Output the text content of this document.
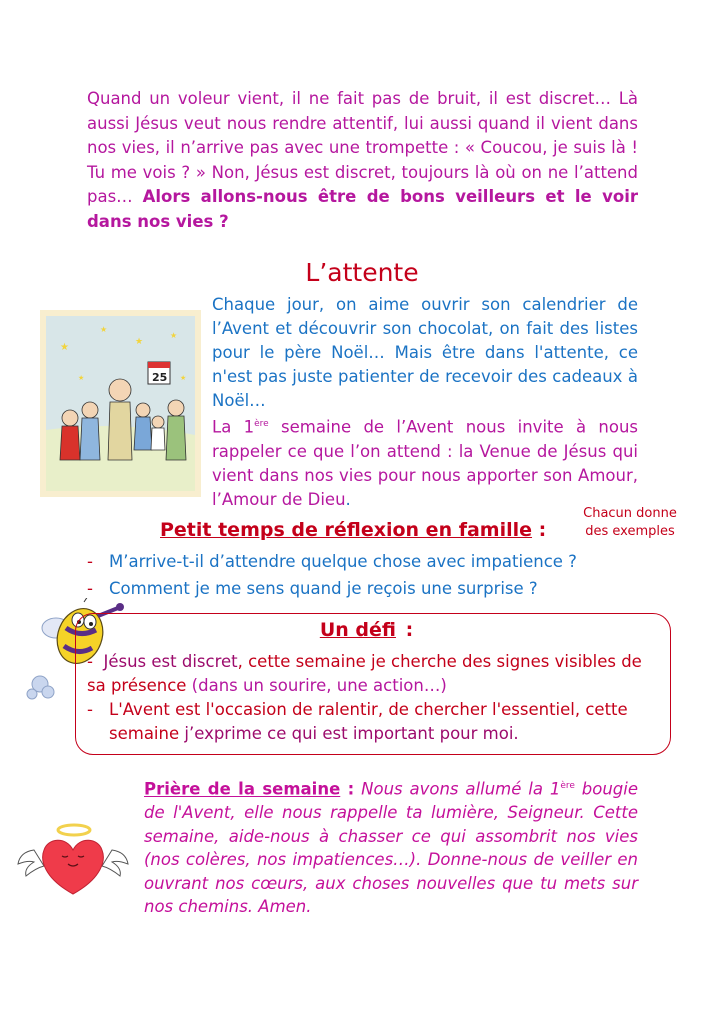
Quand un voleur vient, il ne fait pas de bruit, il est discret… Là aussi Jésus veut nous rendre attentif, lui aussi quand il vient dans nos vies, il n’arrive pas avec une trompette : « Coucou, je suis là ! Tu me vois ? » Non, Jésus est discret, toujours là où on ne l’attend pas… Alors allons-nous être de bons veilleurs et le voir dans nos vies ?
L’attente
★
★
★
★
★	★
25
Chaque jour, on aime ouvrir son calendrier de l’Avent et découvrir son chocolat, on fait des listes pour le père Noël… Mais être dans l'attente, ce n'est pas juste patienter de recevoir des cadeaux à Noël…
La 1ère semaine de l’Avent nous invite à nous rappeler ce que l’on attend : la Venue de Jésus qui vient dans nos vies pour nous apporter son Amour, l’Amour de Dieu.
Chacun donne
des exemples
Petit temps de réflexion en famille :
- M’arrive-t-il d’attendre quelque chose avec impatience ?
- Comment je me sens quand je reçois une surprise ?
Un défi :
- Jésus est discret, cette semaine je cherche des signes visibles de sa présence (dans un sourire, une action…)
- L'Avent est l'occasion de ralentir, de chercher l'essentiel, cette semaine j’exprime ce qui est important pour moi.
Prière de la semaine : Nous avons allumé la 1ère bougie de l'Avent, elle nous rappelle ta lumière, Seigneur. Cette semaine, aide-nous à chasser ce qui assombrit nos vies (nos colères, nos impatiences…). Donne-nous de veiller en ouvrant nos cœurs, aux choses nouvelles que tu mets sur nos chemins. Amen.
